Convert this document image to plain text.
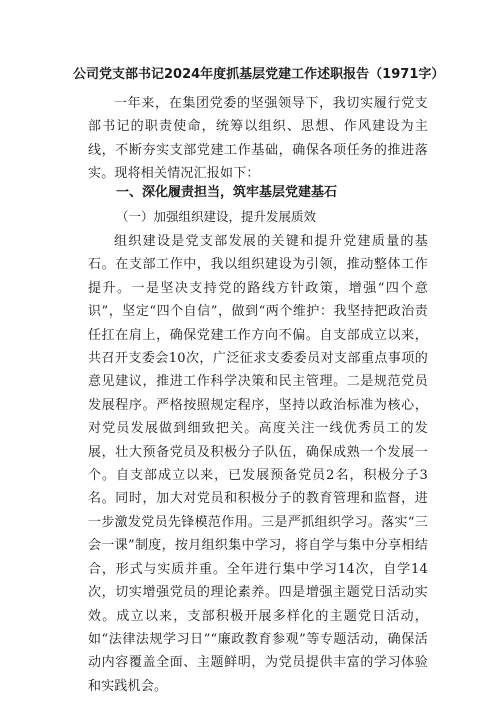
公司党支部书记2024年度抓基层党建工作述职报告（1971字）
一年来，在集团党委的坚强领导下，我切实履行党支部书记的职责使命，统筹以组织、思想、作风建设为主线，不断夯实支部党建工作基础，确保各项任务的推进落实。现将相关情况汇报如下：
一、深化履责担当，筑牢基层党建基石
（一）加强组织建设，提升发展质效
组织建设是党支部发展的关键和提升党建质量的基石。在支部工作中，我以组织建设为引领，推动整体工作提升。一是坚决支持党的路线方针政策，增强“四个意识”，坚定“四个自信”，做到“两个维护：我坚持把政治责任扛在肩上，确保党建工作方向不偏。自支部成立以来，共召开支委会10次，广泛征求支委委员对支部重点事项的意见建议，推进工作科学决策和民主管理。二是规范党员发展程序。严格按照规定程序，坚持以政治标准为核心，对党员发展做到细致把关。高度关注一线优秀员工的发展，壮大预备党员及积极分子队伍，确保成熟一个发展一个。自支部成立以来，已发展预备党员2名，积极分子3名。同时，加大对党员和积极分子的教育管理和监督，进一步激发党员先锋模范作用。三是严抓组织学习。落实“三会一课”制度，按月组织集中学习，将自学与集中分享相结合，形式与实质并重。全年进行集中学习14次，自学14次，切实增强党员的理论素养。四是增强主题党日活动实效。成立以来，支部积极开展多样化的主题党日活动，如“法律法规学习日”“廉政教育参观”等专题活动，确保活动内容覆盖全面、主题鲜明，为党员提供丰富的学习体验和实践机会。
